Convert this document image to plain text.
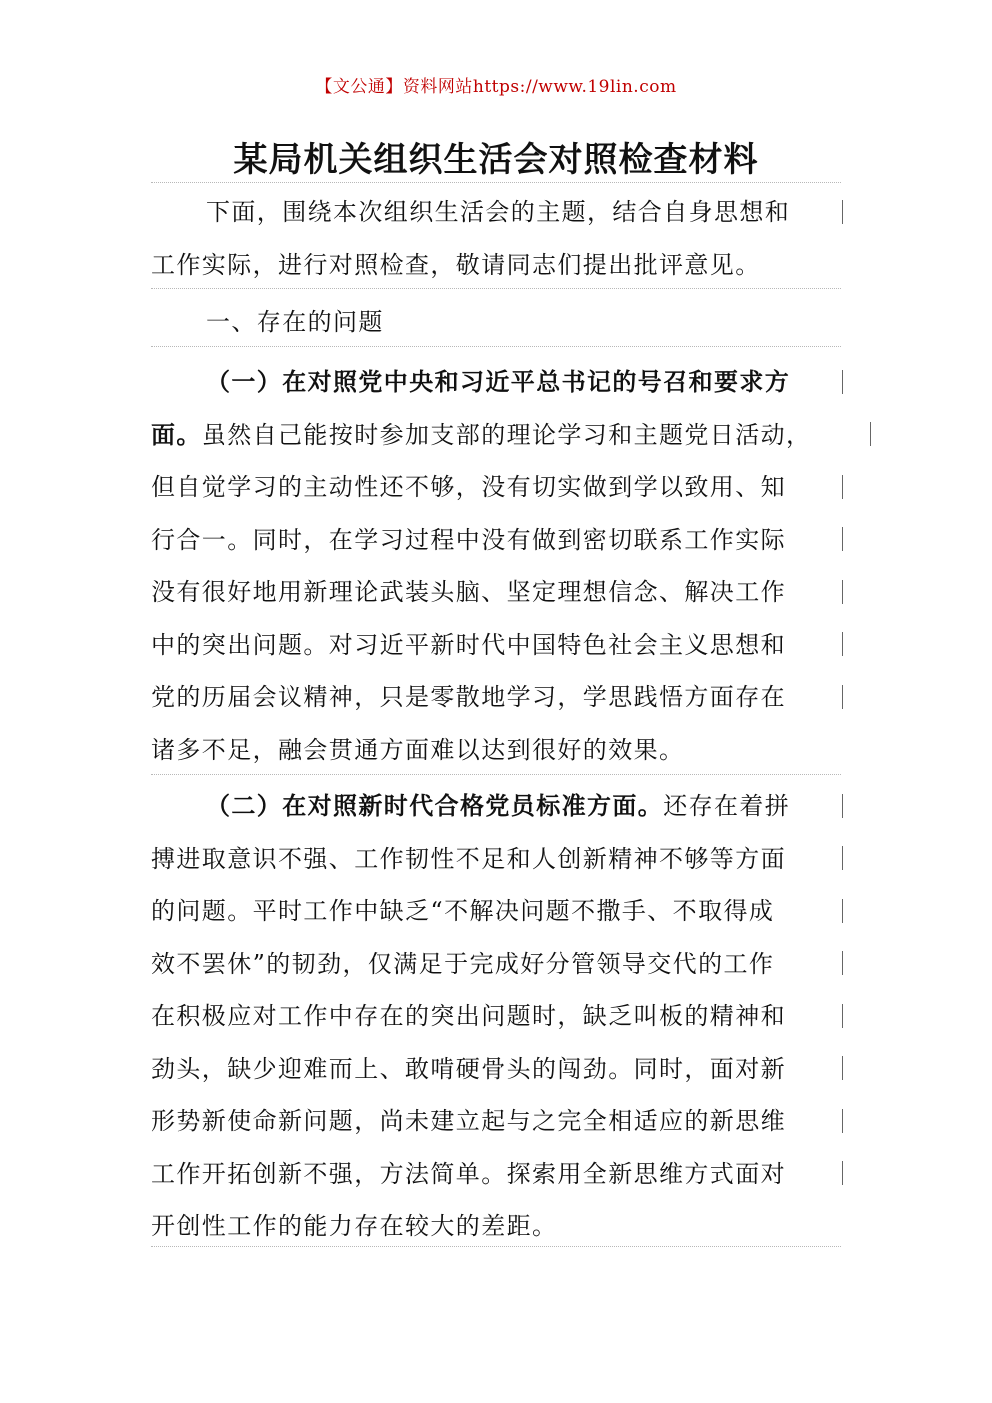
【文公通】资料网站https://www.19lin.com
某局机关组织生活会对照检查材料
下面，围绕本次组织生活会的主题，结合自身思想和
工作实际，进行对照检查，敬请同志们提出批评意见。
一、存在的问题
（一）在对照党中央和习近平总书记的号召和要求方
面。虽然自己能按时参加支部的理论学习和主题党日活动，
但自觉学习的主动性还不够，没有切实做到学以致用、知
行合一。同时，在学习过程中没有做到密切联系工作实际
没有很好地用新理论武装头脑、坚定理想信念、解决工作
中的突出问题。对习近平新时代中国特色社会主义思想和
党的历届会议精神，只是零散地学习，学思践悟方面存在
诸多不足，融会贯通方面难以达到很好的效果。
（二）在对照新时代合格党员标准方面。还存在着拼
搏进取意识不强、工作韧性不足和人创新精神不够等方面
的问题。平时工作中缺乏“不解决问题不撒手、不取得成
效不罢休”的韧劲，仅满足于完成好分管领导交代的工作
在积极应对工作中存在的突出问题时，缺乏叫板的精神和
劲头，缺少迎难而上、敢啃硬骨头的闯劲。同时，面对新
形势新使命新问题，尚未建立起与之完全相适应的新思维
工作开拓创新不强，方法简单。探索用全新思维方式面对
开创性工作的能力存在较大的差距。
